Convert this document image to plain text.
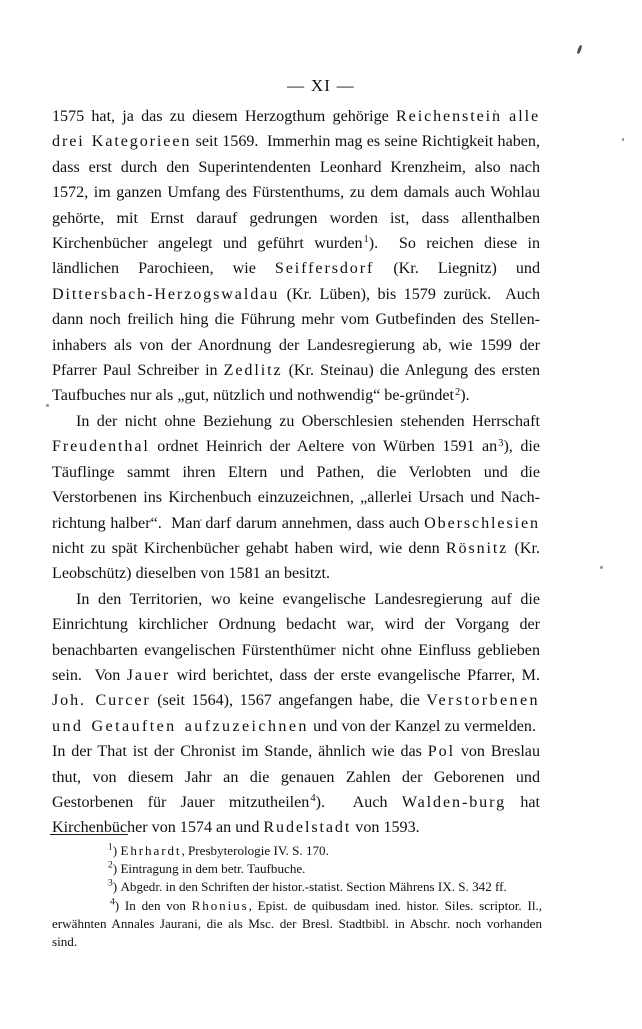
— XI —

1575 hat, ja das zu diesem Herzogthum gehörige Reichenstein alle drei Kategorieen seit 1569.  Immerhin mag es seine Richtigkeit haben, dass erst durch den Superintendenten Leonhard Krenzheim, also nach 1572, im ganzen Umfang des Fürstenthums, zu dem damals auch Wohlau gehörte, mit Ernst darauf gedrungen worden ist, dass allenthalben Kirchenbücher angelegt und geführt wurden$^1$).  So reichen diese in ländlichen Parochieen, wie Seiffersdorf (Kr. Liegnitz) und Dittersbach-Herzogswaldau (Kr. Lüben), bis 1579 zurück.  Auch dann noch freilich hing die Führung mehr vom Gutbefinden des Stellen-inhabers als von der Anordnung der Landesregierung ab, wie 1599 der Pfarrer Paul Schreiber in Zedlitz (Kr. Steinau) die Anlegung des ersten Taufbuches nur als „gut, nützlich und nothwendig“ be-gründet$^2$).

In der nicht ohne Beziehung zu Oberschlesien stehenden Herrschaft Freudenthal ordnet Heinrich der Aeltere von Würben 1591 an$^3$), die Täuflinge sammt ihren Eltern und Pathen, die Verlobten und die Verstorbenen ins Kirchenbuch einzuzeichnen, „allerlei Ursach und Nach-richtung halber“.  Man darf darum annehmen, dass auch Oberschlesien nicht zu spät Kirchenbücher gehabt haben wird, wie denn Rösnitz (Kr. Leobschütz) dieselben von 1581 an besitzt.

In den Territorien, wo keine evangelische Landesregierung auf die Einrichtung kirchlicher Ordnung bedacht war, wird der Vorgang der benachbarten evangelischen Fürstenthümer nicht ohne Einfluss geblieben sein.  Von Jauer wird berichtet, dass der erste evangelische Pfarrer, M. Joh. Curcer (seit 1564), 1567 angefangen habe, die Verstorbenen und Getauften aufzuzeichnen und von der Kanzel zu vermelden.  In der That ist der Chronist im Stande, ähnlich wie das Pol von Breslau thut, von diesem Jahr an die genauen Zahlen der Geborenen und Gestorbenen für Jauer mitzutheilen$^4$).  Auch Walden-burg hat Kirchenbücher von 1574 an und Rudelstadt von 1593.

$^1$) Ehrhardt, Presbyterologie IV. S. 170.

$^2$) Eintragung in dem betr. Taufbuche.

$^3$) Abgedr. in den Schriften der histor.-statist. Section Mährens IX. S. 342 ff.

$^4$) In den von Rhonius, Epist. de quibusdam ined. histor. Siles. scriptor. Il., erwähnten Annales Jaurani, die als Msc. der Bresl. Stadtbibl. in Abschr. noch vorhanden sind.
